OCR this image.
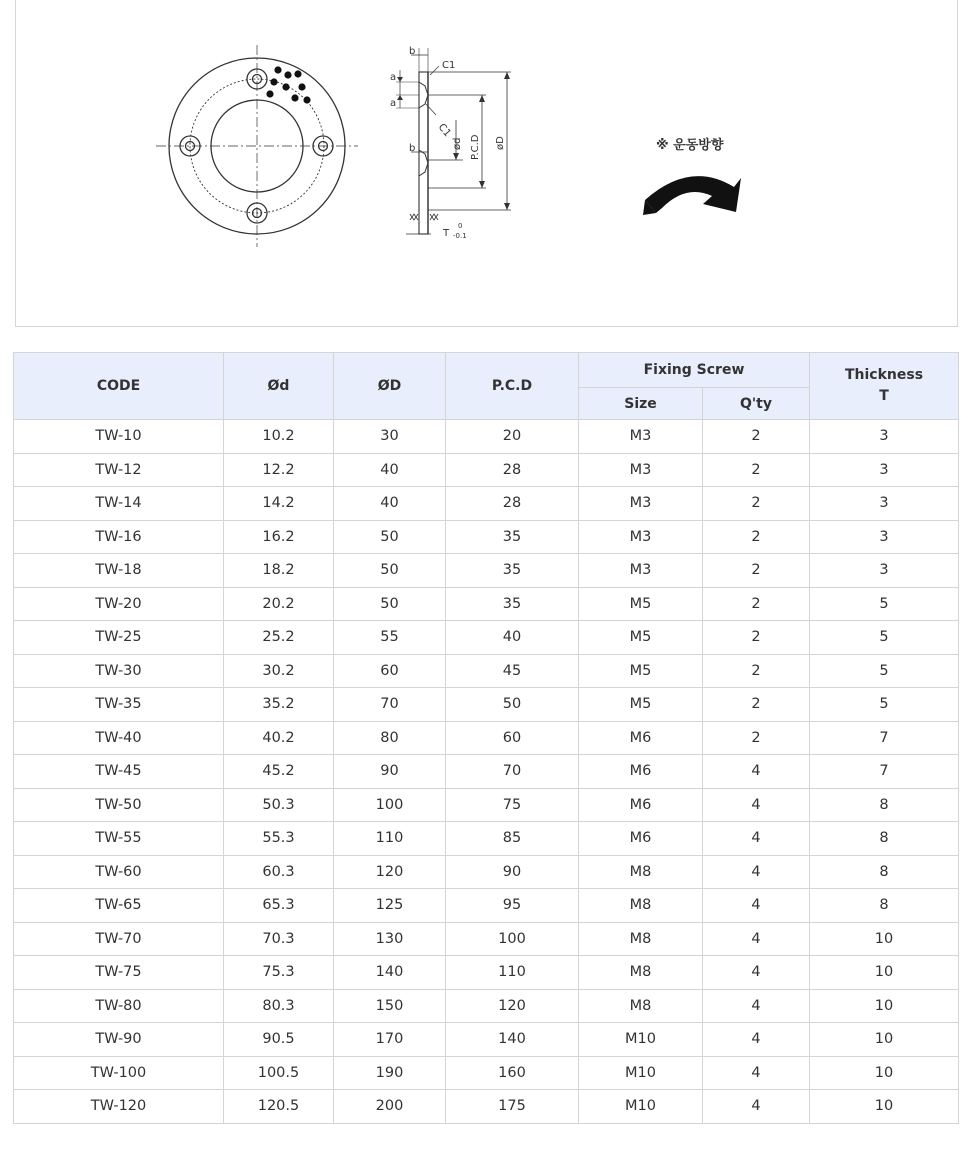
b
C1
a
a
C1
b	ød P.C.D øD
T
0
-0.1
※ 운동방향
CODE	Ød	ØD	P.C.D	Fixing Screw		Thickness
T
				Size	Q'ty	
TW-10	10.2	30	20	M3	2	3
TW-12	12.2	40	28	M3	2	3
TW-14	14.2	40	28	M3	2	3
TW-16	16.2	50	35	M3	2	3
TW-18	18.2	50	35	M3	2	3
TW-20	20.2	50	35	M5	2	5
TW-25	25.2	55	40	M5	2	5
TW-30	30.2	60	45	M5	2	5
TW-35	35.2	70	50	M5	2	5
TW-40	40.2	80	60	M6	2	7
TW-45	45.2	90	70	M6	4	7
TW-50	50.3	100	75	M6	4	8
TW-55	55.3	110	85	M6	4	8
TW-60	60.3	120	90	M8	4	8
TW-65	65.3	125	95	M8	4	8
TW-70	70.3	130	100	M8	4	10
TW-75	75.3	140	110	M8	4	10
TW-80	80.3	150	120	M8	4	10
TW-90	90.5	170	140	M10	4	10
TW-100	100.5	190	160	M10	4	10
TW-120	120.5	200	175	M10	4	10
